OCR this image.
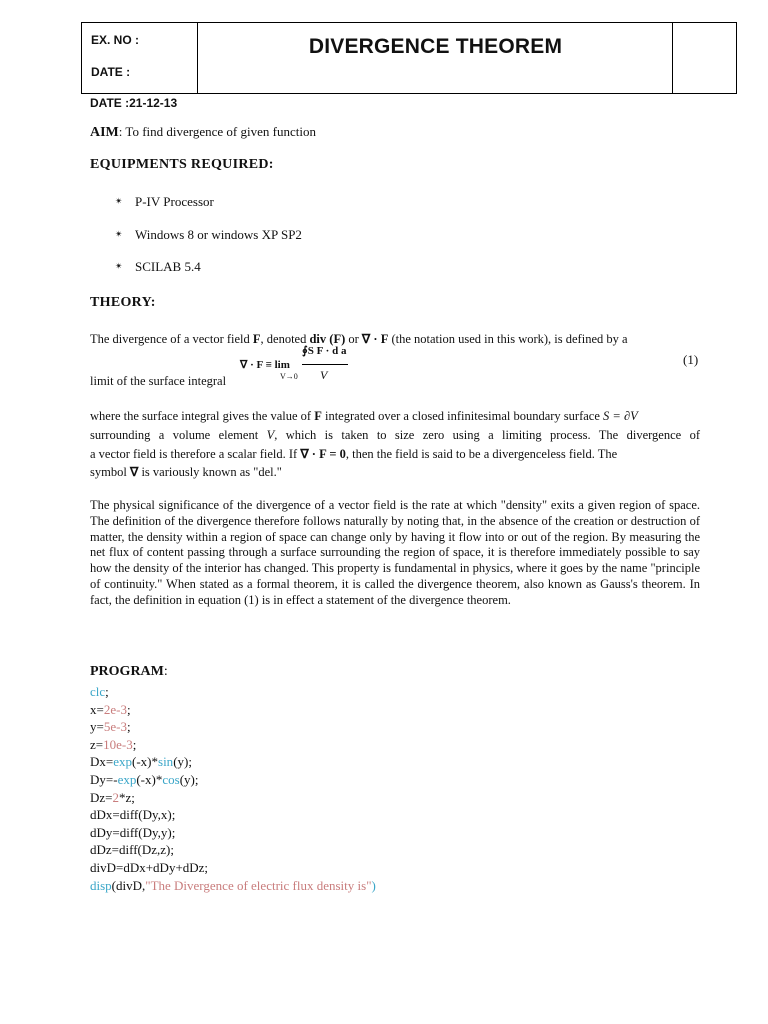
EX. NO :
DATE :
DIVERGENCE THEOREM
DATE :21-12-13
AIM: To find divergence of given function
EQUIPMENTS REQUIRED:
✴ P-IV Processor
✴ Windows 8 or windows XP SP2
✴ SCILAB 5.4
THEORY:
The divergence of a vector field F, denoted div (F) or ∇ · F (the notation used in this work), is defined by a
limit of the surface integral
∇ · F ≡ lim
V→0
∮S F · d a
V
(1)
where the surface integral gives the value of F integrated over a closed infinitesimal boundary surface S = ∂V
surrounding a volume element V, which is taken to size zero using a limiting process. The divergence of
a vector field is therefore a scalar field. If ∇ · F = 0, then the field is said to be a divergenceless field. The
symbol ∇ is variously known as "del."
The physical significance of the divergence of a vector field is the rate at which "density" exits a given region of space. The definition of the divergence therefore follows naturally by noting that, in the absence of the creation or destruction of matter, the density within a region of space can change only by having it flow into or out of the region. By measuring the net flux of content passing through a surface surrounding the region of space, it is therefore immediately possible to say how the density of the interior has changed. This property is fundamental in physics, where it goes by the name "principle of continuity." When stated as a formal theorem, it is called the divergence theorem, also known as Gauss's theorem. In fact, the definition in equation (1) is in effect a statement of the divergence theorem.
PROGRAM:
clc;
x=2e-3;
y=5e-3;
z=10e-3;
Dx=exp(-x)*sin(y);
Dy=-exp(-x)*cos(y);
Dz=2*z;
dDx=diff(Dy,x);
dDy=diff(Dy,y);
dDz=diff(Dz,z);
divD=dDx+dDy+dDz;
disp(divD,"The Divergence of electric flux density is")
